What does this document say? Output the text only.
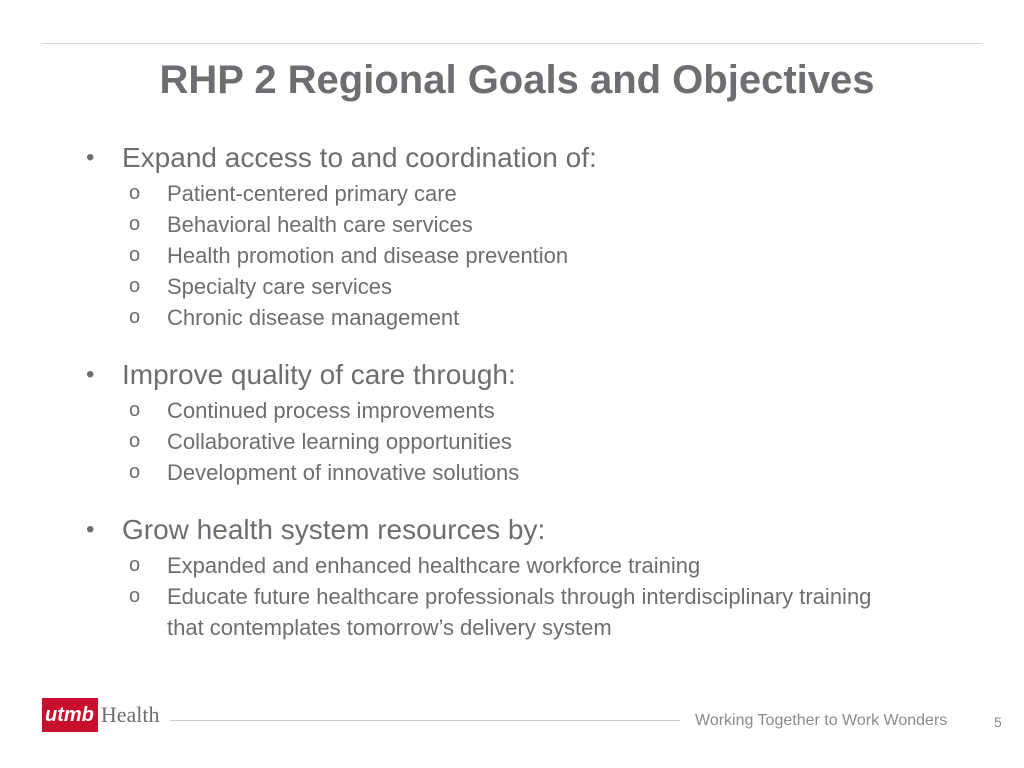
RHP 2 Regional Goals and Objectives
• Expand access to and coordination of:
o Patient-centered primary care
o Behavioral health care services
o Health promotion and disease prevention
o Specialty care services
o Chronic disease management
• Improve quality of care through:
o Continued process improvements
o Collaborative learning opportunities
o Development of innovative solutions
• Grow health system resources by:
o Expanded and enhanced healthcare workforce training
o Educate future healthcare professionals through interdisciplinary training that contemplates tomorrow’s delivery system
utmb Health	Working Together to Work Wonders	5
